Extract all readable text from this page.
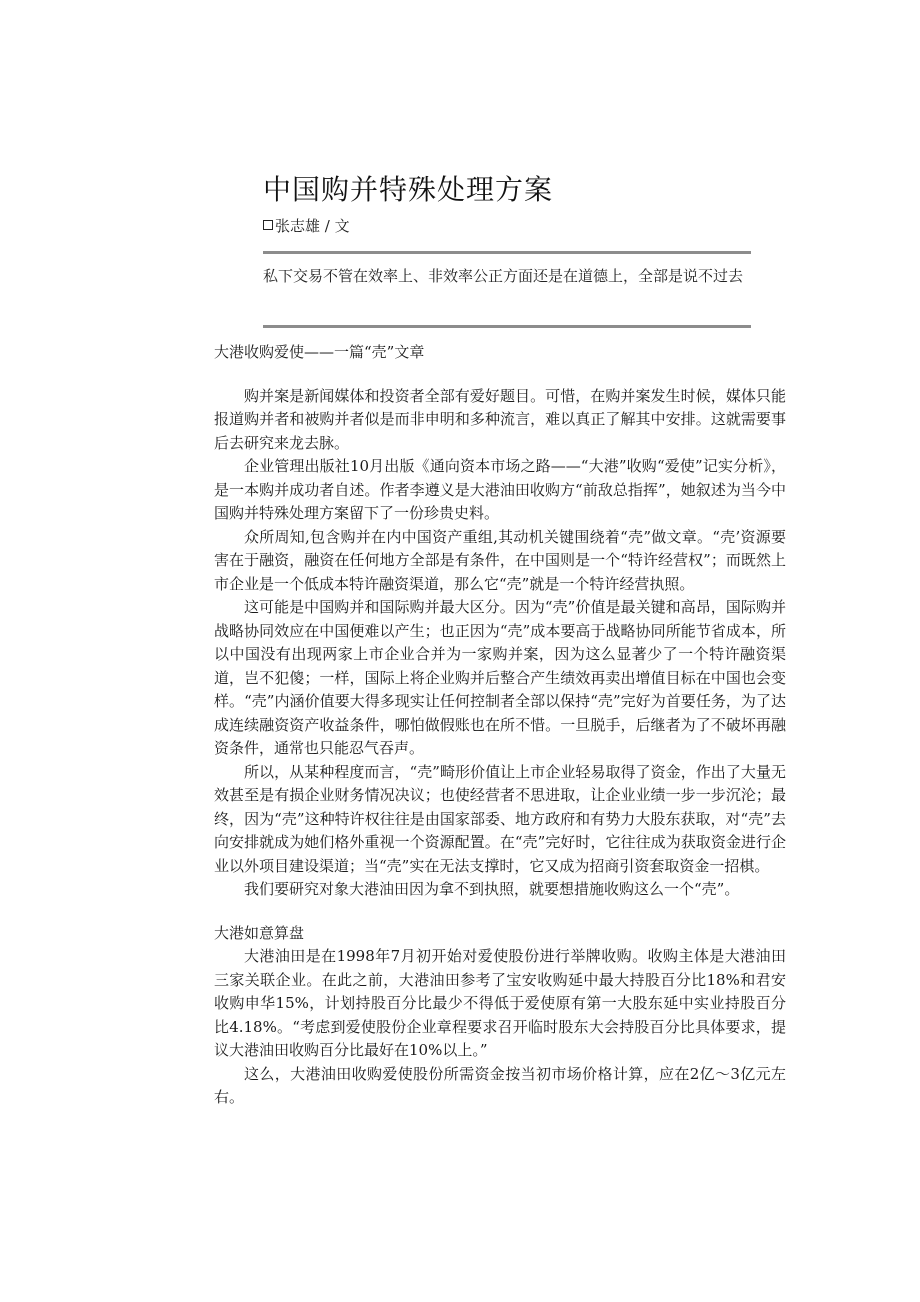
中国购并特殊处理方案
张志雄 / 文
私下交易不管在效率上、非效率公正方面还是在道德上，全部是说不过去
大港收购爱使——一篇“壳”文章

购并案是新闻媒体和投资者全部有爱好题目。可惜，在购并案发生时候，媒体只能报道购并者和被购并者似是而非申明和多种流言，难以真正了解其中安排。这就需要事后去研究来龙去脉。

企业管理出版社10月出版《通向资本市场之路——“大港”收购“爱使”记实分析》，是一本购并成功者自述。作者李遵义是大港油田收购方“前敌总指挥”，她叙述为当今中国购并特殊处理方案留下了一份珍贵史料。

众所周知,包含购并在内中国资产重组,其动机关键围绕着“壳”做文章。“壳’资源要害在于融资，融资在任何地方全部是有条件，在中国则是一个“特许经营权”；而既然上市企业是一个低成本特许融资渠道，那么它“壳”就是一个特许经营执照。

这可能是中国购并和国际购并最大区分。因为“壳”价值是最关键和高昂，国际购并战略协同效应在中国便难以产生；也正因为“壳”成本要高于战略协同所能节省成本，所以中国没有出现两家上市企业合并为一家购并案，因为这么显著少了一个特许融资渠道，岂不犯傻；一样，国际上将企业购并后整合产生绩效再卖出增值目标在中国也会变样。“壳”内涵价值要大得多现实让任何控制者全部以保持“壳”完好为首要任务，为了达成连续融资资产收益条件，哪怕做假账也在所不惜。一旦脱手，后继者为了不破坏再融资条件，通常也只能忍气吞声。

所以，从某种程度而言，“壳”畸形价值让上市企业轻易取得了资金，作出了大量无效甚至是有损企业财务情况决议；也使经营者不思进取，让企业业绩一步一步沉沦；最终，因为“壳”这种特许权往往是由国家部委、地方政府和有势力大股东获取，对“壳”去向安排就成为她们格外重视一个资源配置。在“壳”完好时，它往往成为获取资金进行企业以外项目建设渠道；当“壳”实在无法支撑时，它又成为招商引资套取资金一招棋。

我们要研究对象大港油田因为拿不到执照，就要想措施收购这么一个“壳”。

大港如意算盘

大港油田是在1998年7月初开始对爱使股份进行举牌收购。收购主体是大港油田三家关联企业。在此之前，大港油田参考了宝安收购延中最大持股百分比18%和君安收购申华15%，计划持股百分比最少不得低于爱使原有第一大股东延中实业持股百分比4.18%。“考虑到爱使股份企业章程要求召开临时股东大会持股百分比具体要求，提议大港油田收购百分比最好在10%以上。”

这么，大港油田收购爱使股份所需资金按当初市场价格计算，应在2亿～3亿元左右。
